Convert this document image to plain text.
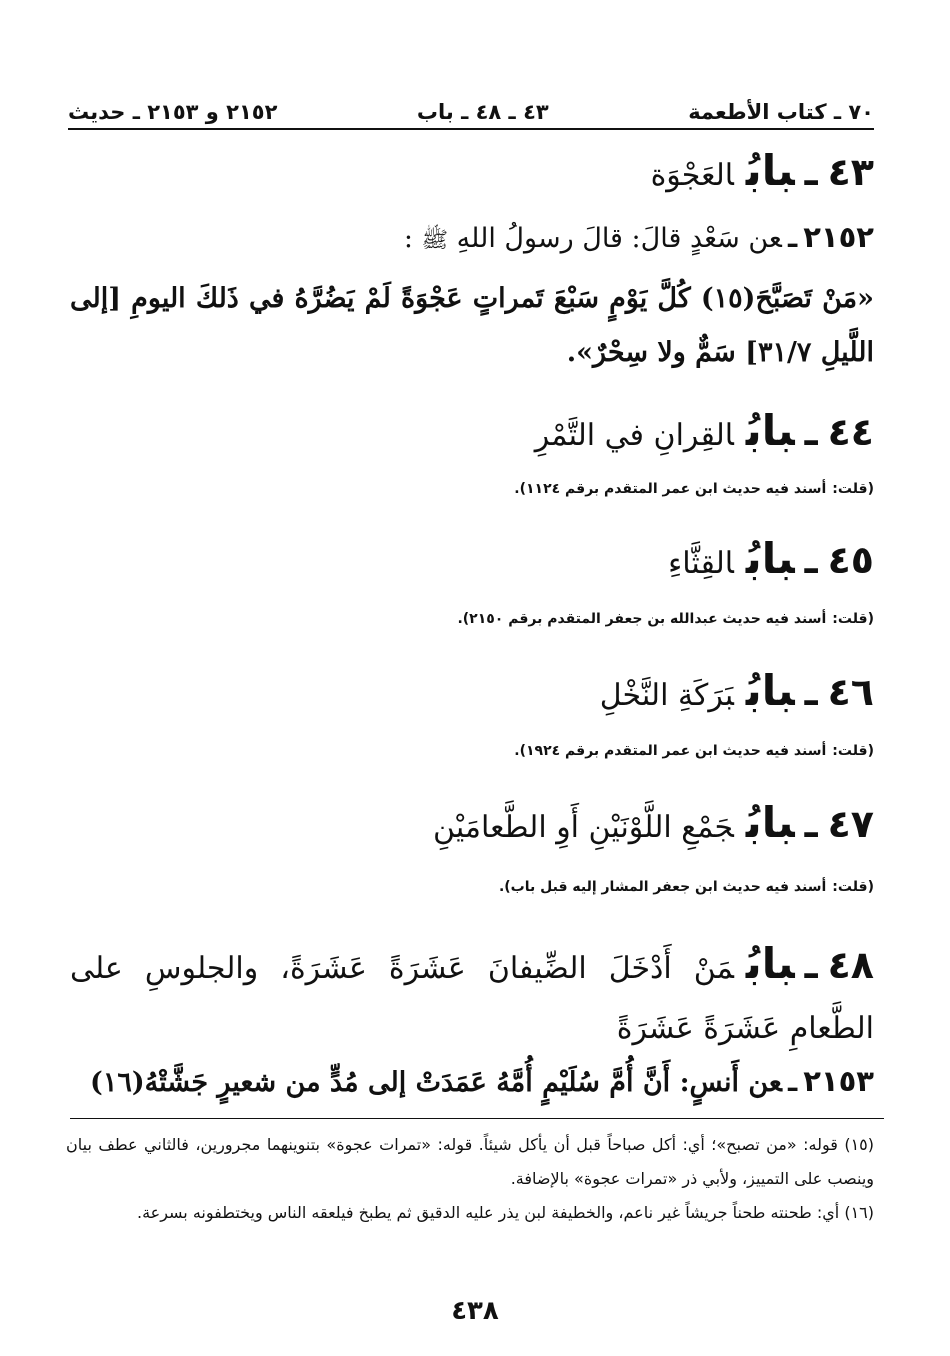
٧٠ ـ كتاب الأطعمة
٤٣ ـ ٤٨ ـ باب
٢١٥٢ و ٢١٥٣ ـ حديث
٤٣ـبابُالعَجْوَة
٢١٥٢ـعن سَعْدٍ قالَ: قالَ رسولُ اللهِ ﷺ :
«مَنْ تَصَبَّحَ(١٥) كُلَّ يَوْمٍ سَبْعَ تَمراتٍ عَجْوَةً لَمْ يَضُرَّهُ في ذَلكَ اليومِ [إلى اللَّيلِ ٣١/٧] سَمٌّ ولا سِحْرٌ».
٤٤ـبابُالقِرانِ في التَّمْرِ
(قلت:أسند فيه حديث ابن عمر المتقدم برقم ١١٢٤).
٤٥ـبابُالقِثَّاءِ
(قلت:أسند فيه حديث عبدالله بن جعفر المتقدم برقم ٢١٥٠).
٤٦ـبابُبَرَكَةِ النَّخْلِ
(قلت:أسند فيه حديث ابن عمر المتقدم برقم ١٩٢٤).
٤٧ـبابُجَمْعِ اللَّوْنَيْنِ أَوِ الطَّعامَيْنِ
(قلت:أسند فيه حديث ابن جعفر المشار إليه قبل باب).
٤٨ـبابُمَنْ أَدْخَلَ الضِّيفانَ عَشَرَةً عَشَرَةً، والجلوسِ على الطَّعامِ عَشَرَةً عَشَرَةً
٢١٥٣ـعن أَنسٍ: أَنَّ أُمَّ سُلَيْمٍ أُمَّهُ عَمَدَتْ إلى مُدٍّ من شعيرٍ جَشَّتْهُ(١٦)

(١٥) قوله: «من تصبح»؛ أي: أكل صباحاً قبل أن يأكل شيئاً. قوله: «تمرات عجوة» بتنوينهما مجرورين، فالثاني عطف بيان وينصب على التمييز، ولأبي ذر «تمرات عجوة» بالإضافة.

(١٦) أي: طحنته طحناً جريشاً غير ناعم، والخطيفة لبن يذر عليه الدقيق ثم يطبخ فيلعقه الناس ويختطفونه بسرعة.

٤٣٨
